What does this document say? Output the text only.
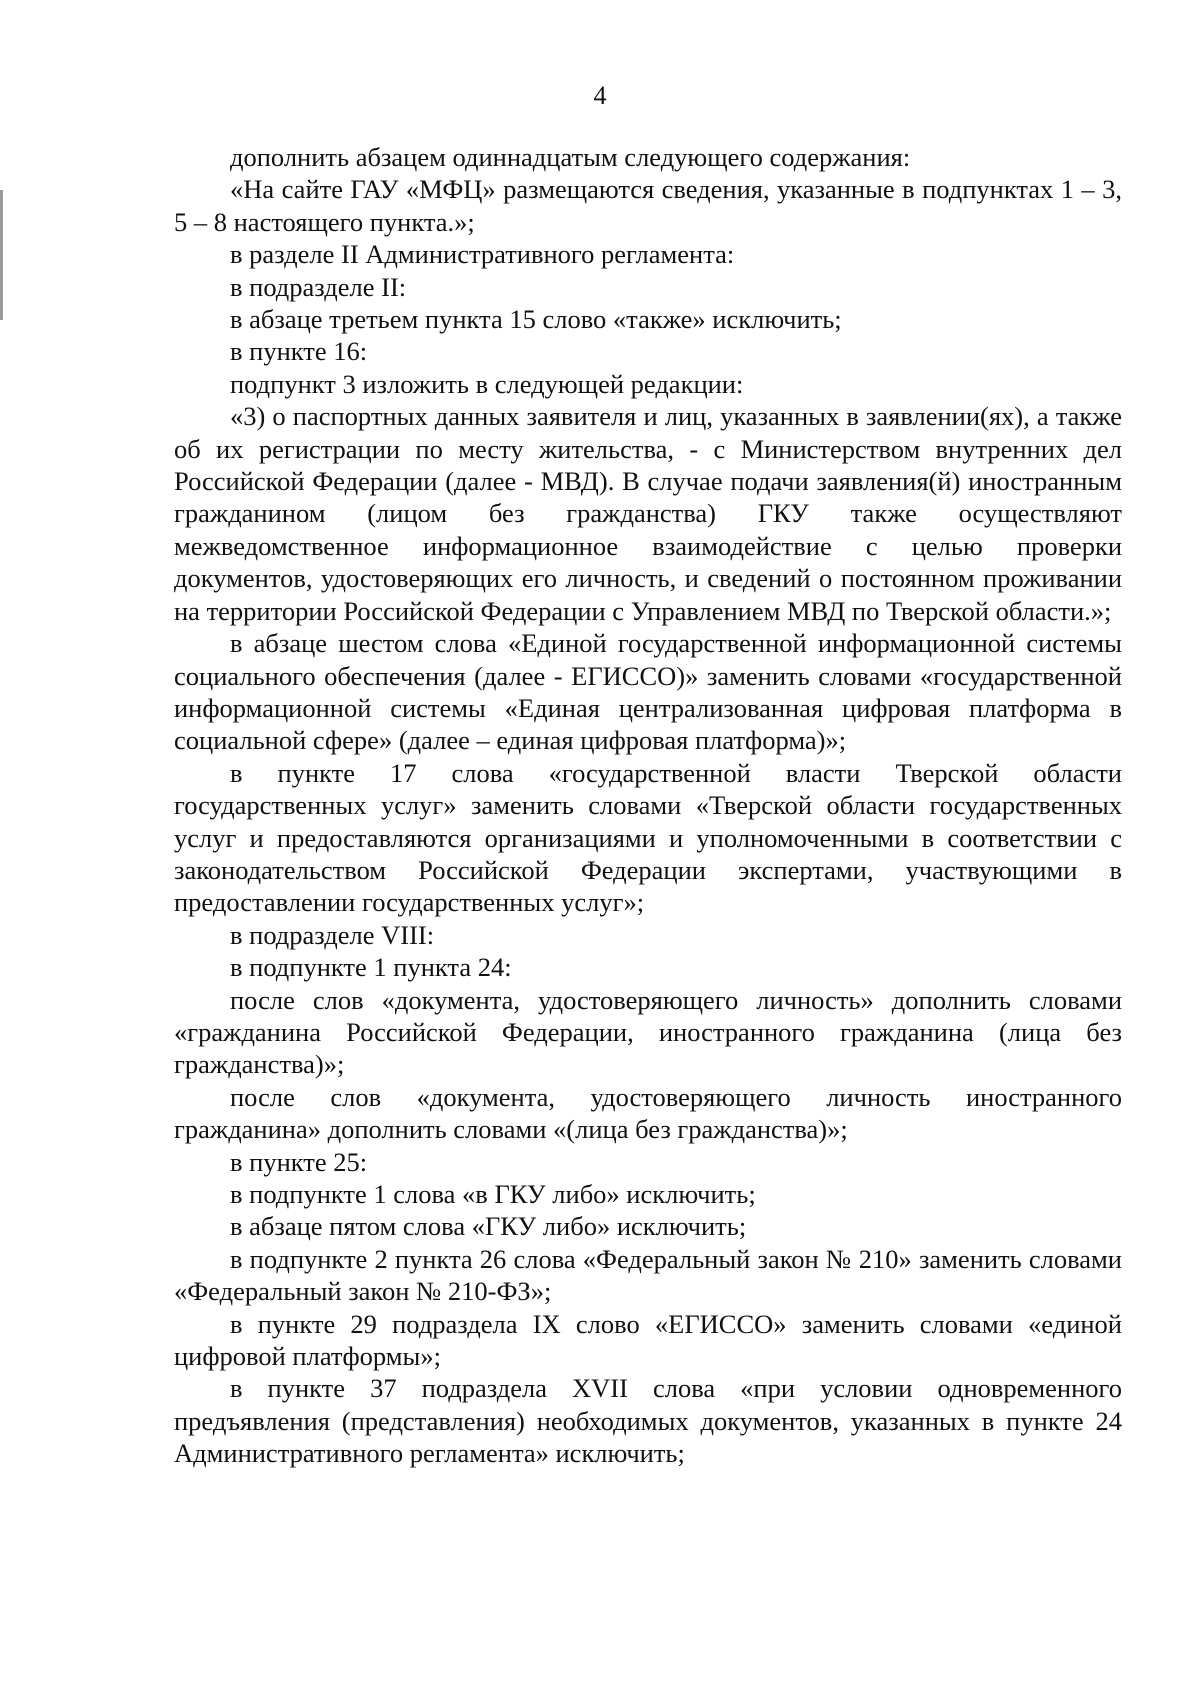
4

дополнить абзацем одиннадцатым следующего содержания:

«На сайте ГАУ «МФЦ» размещаются сведения, указанные в подпунктах 1 – 3, 5 – 8 настоящего пункта.»;

в разделе II Административного регламента:

в подразделе II:

в абзаце третьем пункта 15 слово «также» исключить;

в пункте 16:

подпункт 3 изложить в следующей редакции:

«3) о паспортных данных заявителя и лиц, указанных в заявлении(ях), а также об их регистрации по месту жительства, - с Министерством внутренних дел Российской Федерации (далее - МВД). В случае подачи заявления(й) иностранным гражданином (лицом без гражданства) ГКУ также осуществляют межведомственное информационное взаимодействие с целью проверки документов, удостоверяющих его личность, и сведений о постоянном проживании на территории Российской Федерации с Управлением МВД по Тверской области.»;

в абзаце шестом слова «Единой государственной информационной системы социального обеспечения (далее - ЕГИССО)» заменить словами «государственной информационной системы «Единая централизованная цифровая платформа в социальной сфере» (далее – единая цифровая платформа)»;

в пункте 17 слова «государственной власти Тверской области государственных услуг» заменить словами «Тверской области государственных услуг и предоставляются организациями и уполномоченными в соответствии с законодательством Российской Федерации экспертами, участвующими в предоставлении государственных услуг»;

в подразделе VIII:

в подпункте 1 пункта 24:

после слов «документа, удостоверяющего личность» дополнить словами «гражданина Российской Федерации, иностранного гражданина (лица без гражданства)»;

после слов «документа, удостоверяющего личность иностранного гражданина» дополнить словами «(лица без гражданства)»;

в пункте 25:

в подпункте 1 слова «в ГКУ либо» исключить;

в абзаце пятом слова «ГКУ либо» исключить;

в подпункте 2 пункта 26 слова «Федеральный закон № 210» заменить словами «Федеральный закон № 210-ФЗ»;

в пункте 29 подраздела IX слово «ЕГИССО» заменить словами «единой цифровой платформы»;

в пункте 37 подраздела XVII слова «при условии одновременного предъявления (представления) необходимых документов, указанных в пункте 24 Административного регламента» исключить;
